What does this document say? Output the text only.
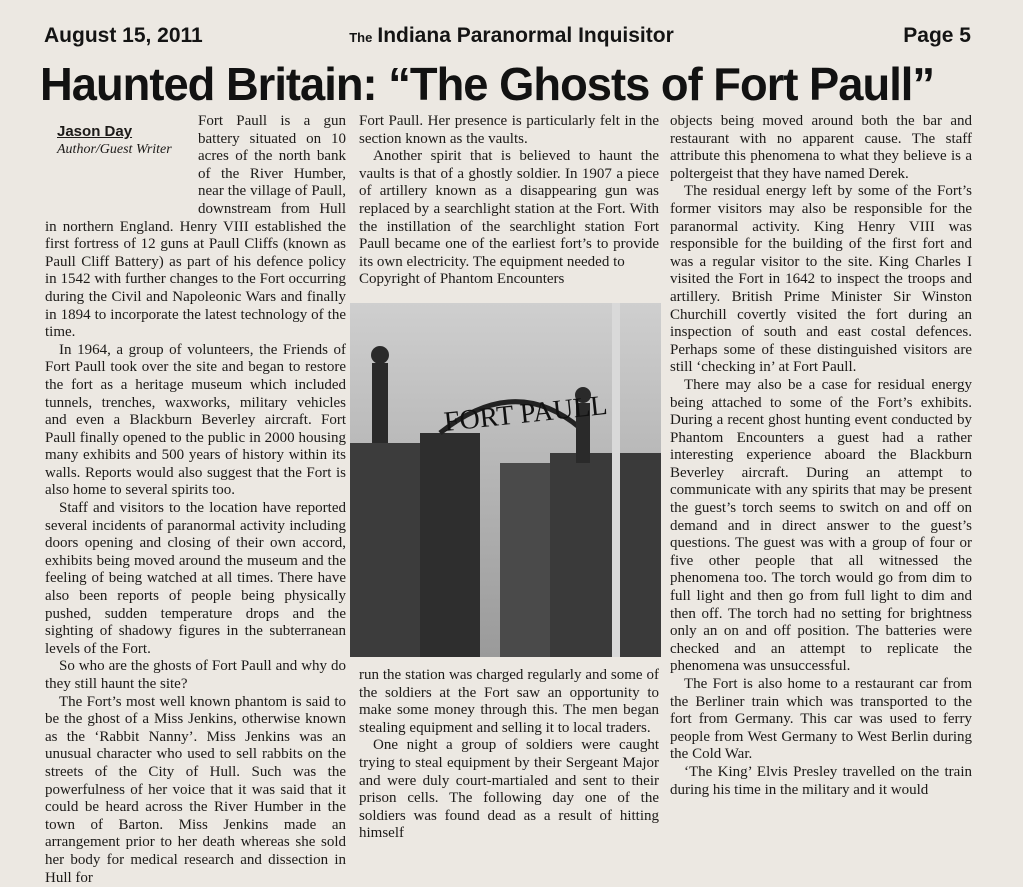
August 15, 2011	The Indiana Paranormal Inquisitor	Page 5
Haunted Britain: “The Ghosts of Fort Paull”
Jason Day
Author/Guest Writer

Fort Paull is a gun battery situated on 10 acres of the north bank of the River Humber, near the village of Paull, downstream from Hull in northern England. Henry VIII established the first fortress of 12 guns at Paull Cliffs (known as Paull Cliff Battery) as part of his defence policy in 1542 with further changes to the Fort occurring during the Civil and Napoleonic Wars and finally in 1894 to incorporate the latest technology of the time.

In 1964, a group of volunteers, the Friends of Fort Paull took over the site and began to restore the fort as a heritage museum which included tunnels, trenches, waxworks, military vehicles and even a Blackburn Beverley aircraft. Fort Paull finally opened to the public in 2000 housing many exhibits and 500 years of history within its walls. Reports would also suggest that the Fort is also home to several spirits too.

Staff and visitors to the location have reported several incidents of paranormal activity including doors opening and closing of their own accord, exhibits being moved around the museum and the feeling of being watched at all times. There have also been reports of people being physically pushed, sudden temperature drops and the sighting of shadowy figures in the subterranean levels of the Fort.

So who are the ghosts of Fort Paull and why do they still haunt the site?

The Fort’s most well known phantom is said to be the ghost of a Miss Jenkins, otherwise known as the ‘Rabbit Nanny’. Miss Jenkins was an unusual character who used to sell rabbits on the streets of the City of Hull. Such was the powerfulness of her voice that it was said that it could be heard across the River Humber in the town of Barton. Miss Jenkins made an arrangement prior to her death whereas she sold her body for medical research and dissection in Hull for

Fort Paull. Her presence is particularly felt in the section known as the vaults.

Another spirit that is believed to haunt the vaults is that of a ghostly soldier. In 1907 a piece of artillery known as a disappearing gun was replaced by a searchlight station at the Fort. With the instillation of the searchlight station Fort Paull became one of the earliest fort’s to provide its own electricity. The equipment needed to

Copyright of Phantom Encounters

FORT PAULL

run the station was charged regularly and some of the soldiers at the Fort saw an opportunity to make some money through this. The men began stealing equipment and selling it to local traders.

One night a group of soldiers were caught trying to steal equipment by their Sergeant Major and were duly court-martialed and sent to their prison cells. The following day one of the soldiers was found dead as a result of hitting himself

objects being moved around both the bar and restaurant with no apparent cause. The staff attribute this phenomena to what they believe is a poltergeist that they have named Derek.

The residual energy left by some of the Fort’s former visitors may also be responsible for the paranormal activity. King Henry VIII was responsible for the building of the first fort and was a regular visitor to the site. King Charles I visited the Fort in 1642 to inspect the troops and artillery. British Prime Minister Sir Winston Churchill covertly visited the fort during an inspection of south and east costal defences. Perhaps some of these distinguished visitors are still ‘checking in’ at Fort Paull.

There may also be a case for residual energy being attached to some of the Fort’s exhibits. During a recent ghost hunting event conducted by Phantom Encounters a guest had a rather interesting experience aboard the Blackburn Beverley aircraft. During an attempt to communicate with any spirits that may be present the guest’s torch seems to switch on and off on demand and in direct answer to the guest’s questions. The guest was with a group of four or five other people that all witnessed the phenomena too. The torch would go from dim to full light and then go from full light to dim and then off. The torch had no setting for brightness only an on and off position. The batteries were checked and an attempt to replicate the phenomena was unsuccessful.

The Fort is also home to a restaurant car from the Berliner train which was transported to the fort from Germany. This car was used to ferry people from West Germany to West Berlin during the Cold War.

‘The King’ Elvis Presley travelled on the train during his time in the military and it would
